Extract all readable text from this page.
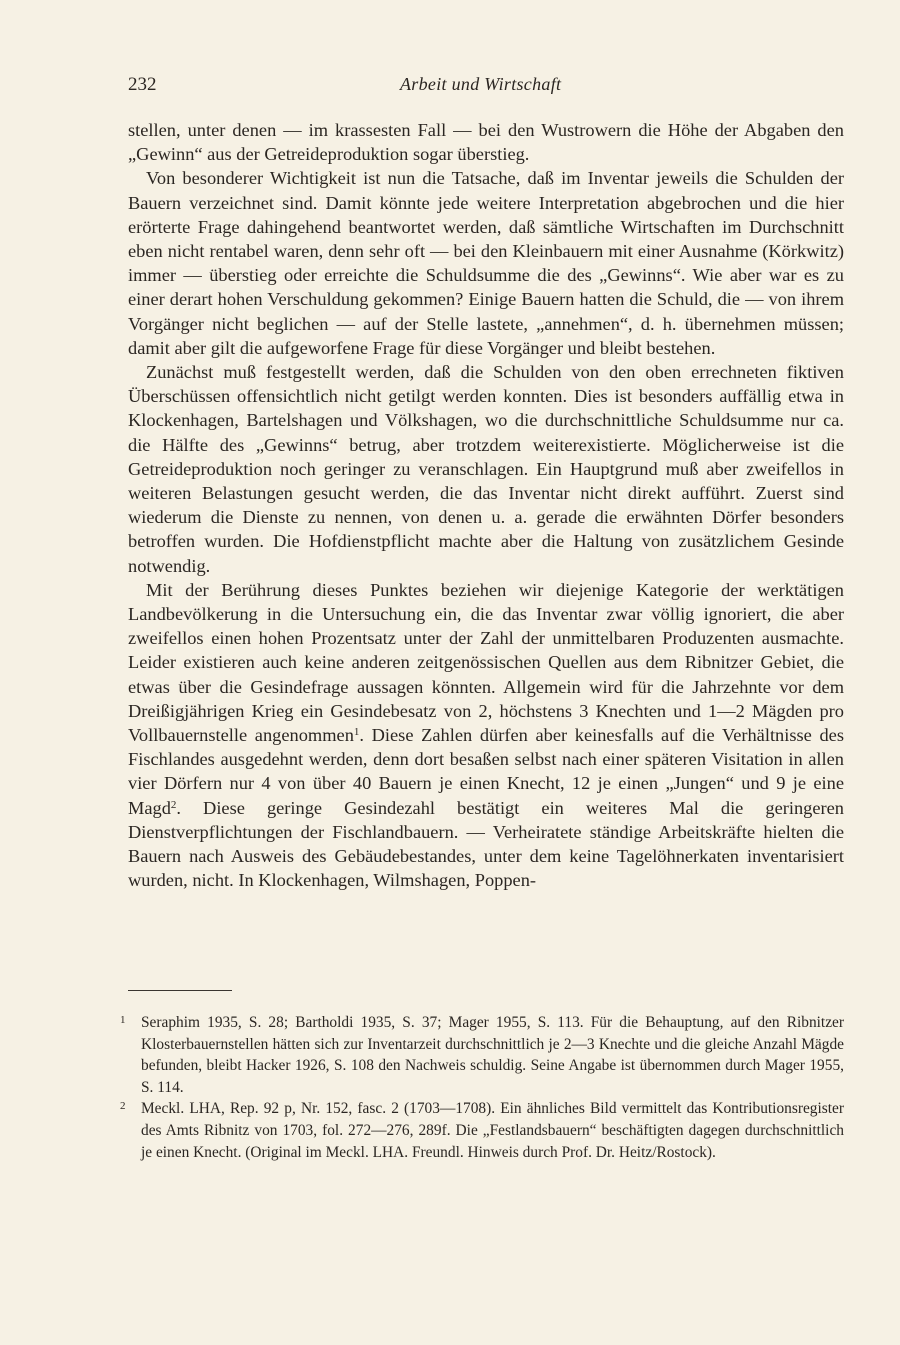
232	Arbeit und Wirtschaft

stellen, unter denen — im krassesten Fall — bei den Wustrowern die Höhe der Abgaben den „Gewinn“ aus der Getreideproduktion sogar überstieg.

Von besonderer Wichtigkeit ist nun die Tatsache, daß im Inventar jeweils die Schulden der Bauern verzeichnet sind. Damit könnte jede weitere Interpretation abgebrochen und die hier erörterte Frage dahingehend beantwortet werden, daß sämtliche Wirtschaften im Durchschnitt eben nicht rentabel waren, denn sehr oft — bei den Kleinbauern mit einer Ausnahme (Körkwitz) immer — überstieg oder erreichte die Schuldsumme die des „Gewinns“. Wie aber war es zu einer derart hohen Verschuldung gekommen? Einige Bauern hatten die Schuld, die — von ihrem Vorgänger nicht beglichen — auf der Stelle lastete, „annehmen“, d. h. übernehmen müssen; damit aber gilt die aufgeworfene Frage für diese Vorgänger und bleibt bestehen.

Zunächst muß festgestellt werden, daß die Schulden von den oben errechneten fiktiven Überschüssen offensichtlich nicht getilgt werden konnten. Dies ist besonders auffällig etwa in Klockenhagen, Bartelshagen und Völkshagen, wo die durchschnittliche Schuldsumme nur ca. die Hälfte des „Gewinns“ betrug, aber trotzdem weiterexistierte. Möglicherweise ist die Getreideproduktion noch geringer zu veranschlagen. Ein Hauptgrund muß aber zweifellos in weiteren Belastungen gesucht werden, die das Inventar nicht direkt aufführt. Zuerst sind wiederum die Dienste zu nennen, von denen u. a. gerade die erwähnten Dörfer besonders betroffen wurden. Die Hofdienstpflicht machte aber die Haltung von zusätzlichem Gesinde notwendig.

Mit der Berührung dieses Punktes beziehen wir diejenige Kategorie der werktätigen Landbevölkerung in die Untersuchung ein, die das Inventar zwar völlig ignoriert, die aber zweifellos einen hohen Prozentsatz unter der Zahl der unmittelbaren Produzenten ausmachte. Leider existieren auch keine anderen zeitgenössischen Quellen aus dem Ribnitzer Gebiet, die etwas über die Gesindefrage aussagen könnten. Allgemein wird für die Jahrzehnte vor dem Dreißigjährigen Krieg ein Gesindebesatz von 2, höchstens 3 Knechten und 1—2 Mägden pro Vollbauernstelle angenommen$^1$. Diese Zahlen dürfen aber keinesfalls auf die Verhältnisse des Fischlandes ausgedehnt werden, denn dort besaßen selbst nach einer späteren Visitation in allen vier Dörfern nur 4 von über 40 Bauern je einen Knecht, 12 je einen „Jungen“ und 9 je eine Magd$^2$. Diese geringe Gesindezahl bestätigt ein weiteres Mal die geringeren Dienstverpflichtungen der Fischlandbauern. — Verheiratete ständige Arbeitskräfte hielten die Bauern nach Ausweis des Gebäudebestandes, unter dem keine Tagelöhnerkaten inventarisiert wurden, nicht. In Klockenhagen, Wilmshagen, Poppen-

1 Seraphim 1935, S. 28; Bartholdi 1935, S. 37; Mager 1955, S. 113. Für die Behauptung, auf den Ribnitzer Klosterbauernstellen hätten sich zur Inventarzeit durchschnittlich je 2—3 Knechte und die gleiche Anzahl Mägde befunden, bleibt Hacker 1926, S. 108 den Nachweis schuldig. Seine Angabe ist übernommen durch Mager 1955, S. 114.

2 Meckl. LHA, Rep. 92 p, Nr. 152, fasc. 2 (1703—1708). Ein ähnliches Bild vermittelt das Kontributionsregister des Amts Ribnitz von 1703, fol. 272—276, 289f. Die „Festlandsbauern“ beschäftigten dagegen durchschnittlich je einen Knecht. (Original im Meckl. LHA. Freundl. Hinweis durch Prof. Dr. Heitz/Rostock).
